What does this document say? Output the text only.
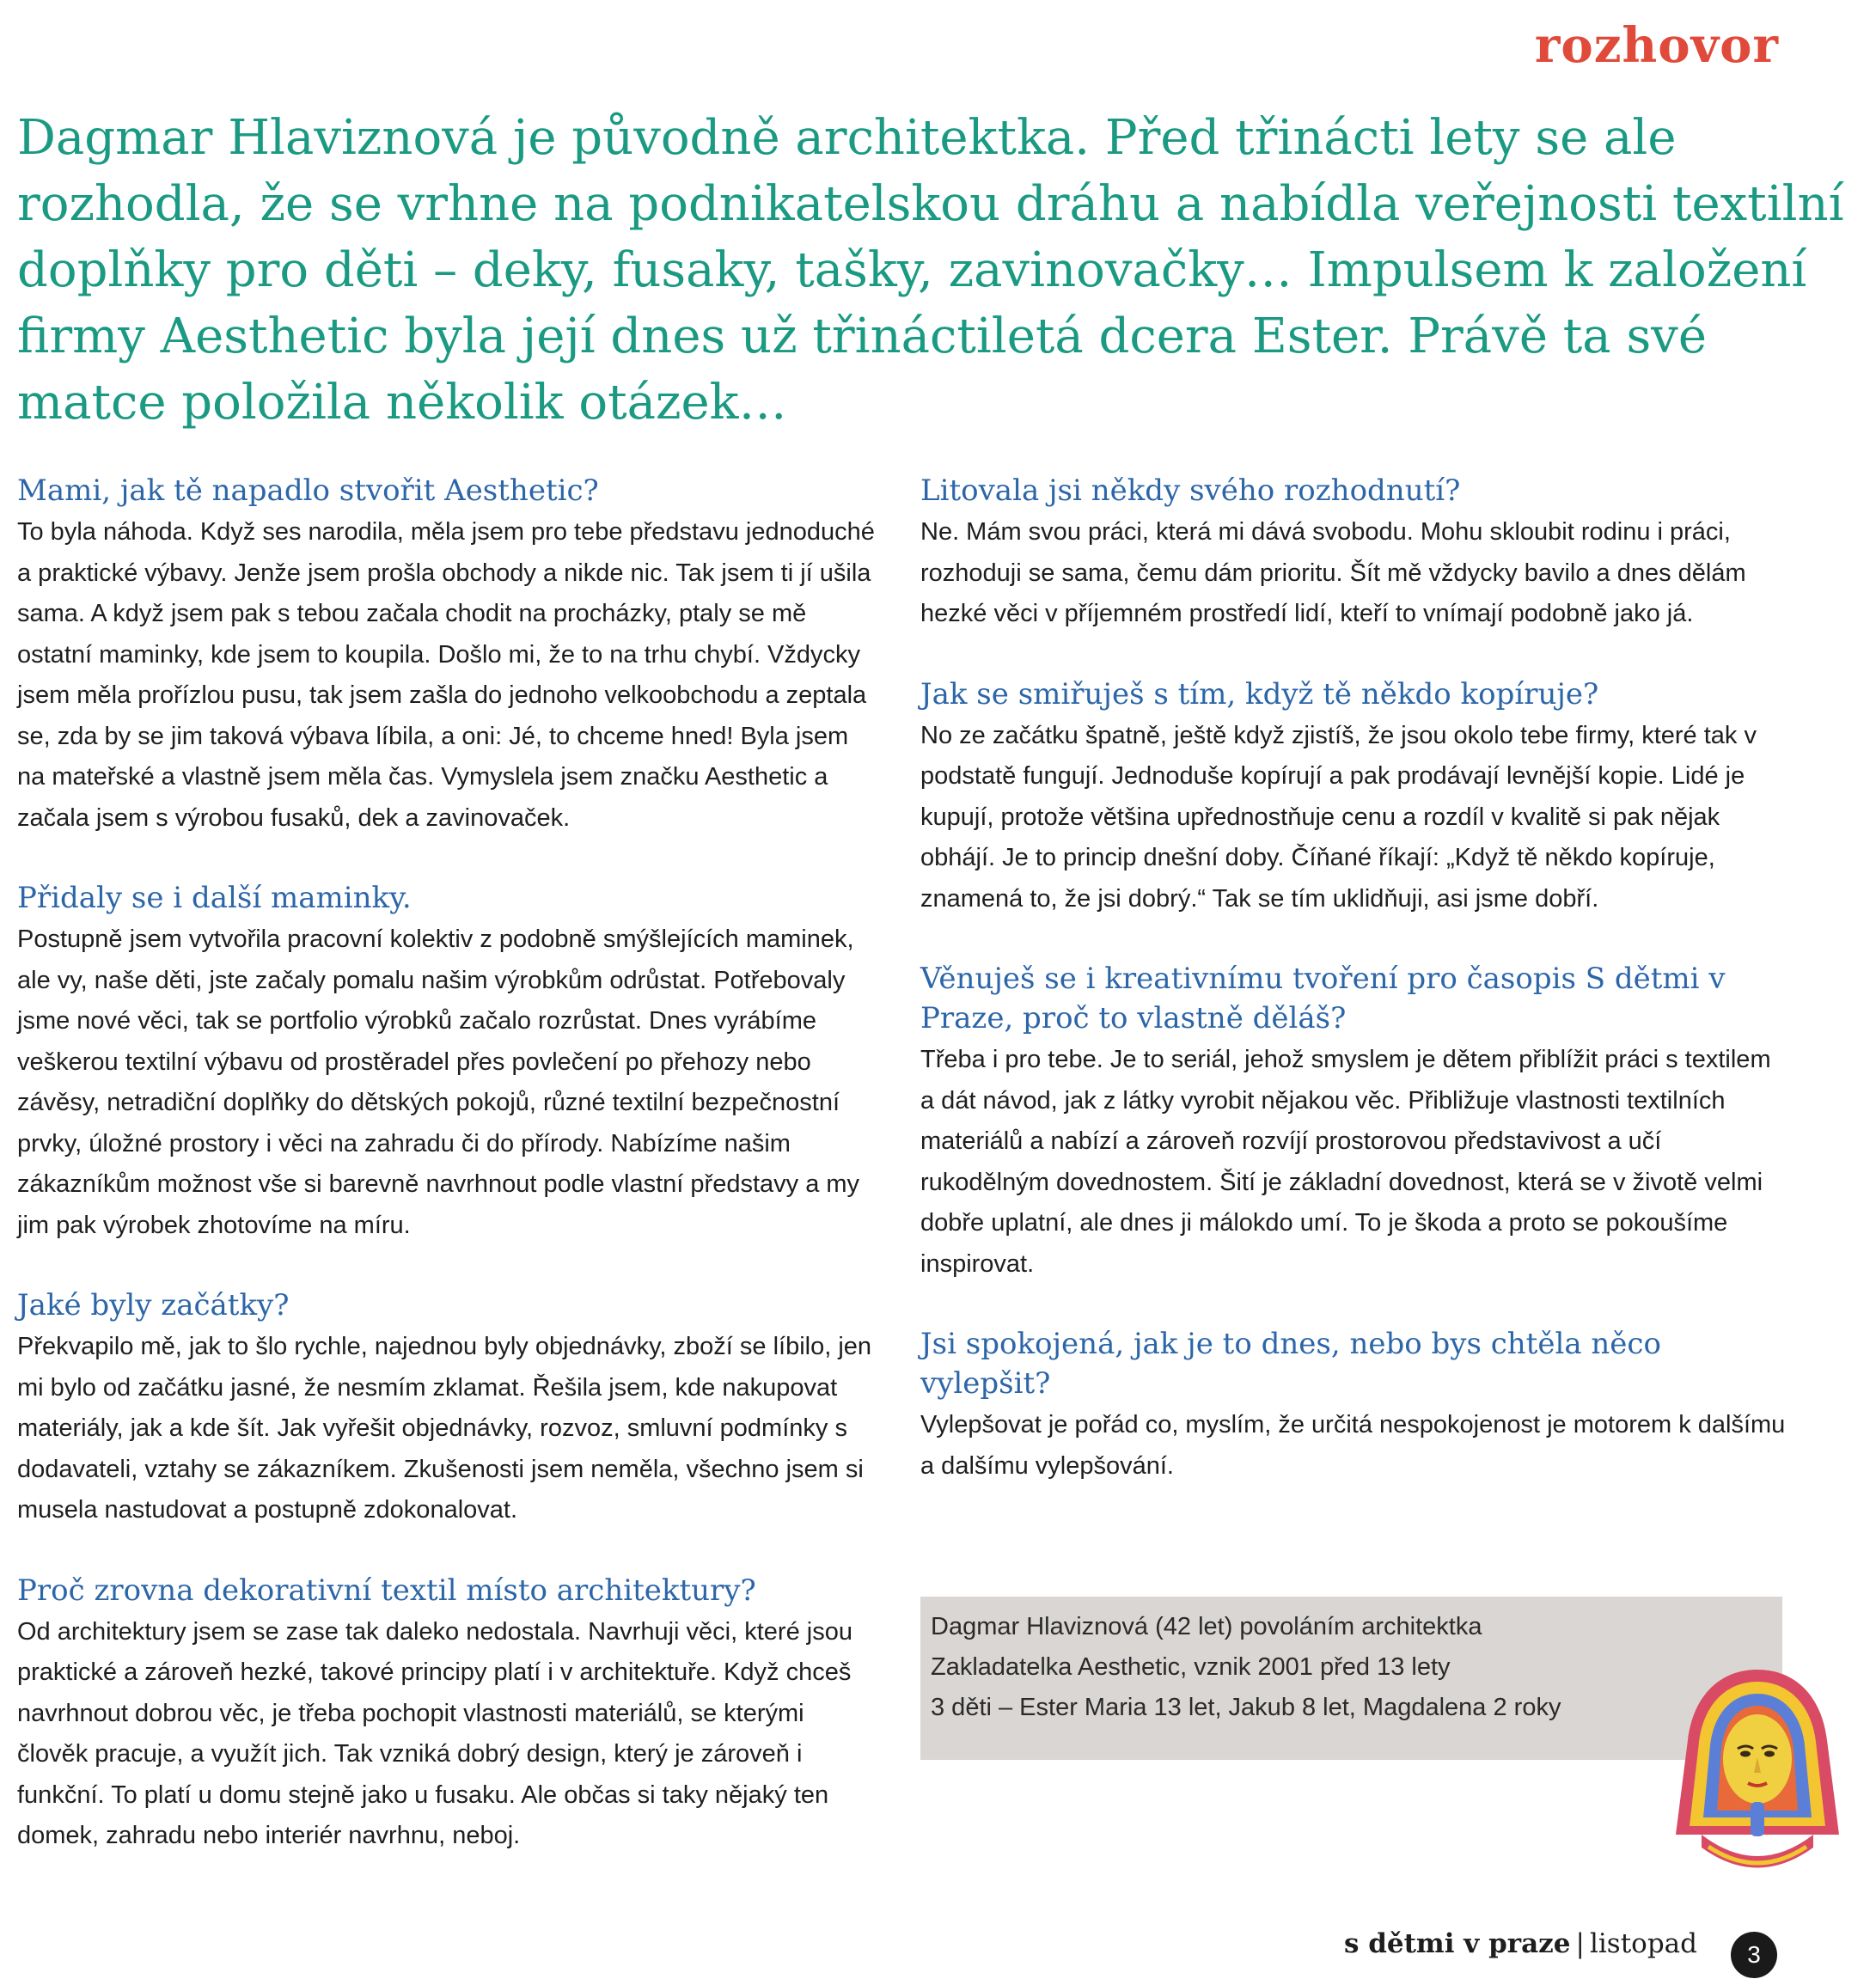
rozhovor

Dagmar Hlaviznová je původně architektka. Před třinácti lety se ale rozhodla, že se vrhne na podnikatelskou dráhu a nabídla veřejnosti textilní doplňky pro děti – deky, fusaky, tašky, zavinovačky… Impulsem k založení firmy Aesthetic byla její dnes už třináctiletá dcera Ester. Právě ta své matce položila několik otázek…

Mami, jak tě napadlo stvořit Aesthetic?

To byla náhoda. Když ses narodila, měla jsem pro tebe představu jednoduché a praktické výbavy. Jenže jsem prošla obchody a nikde nic. Tak jsem ti jí ušila sama. A když jsem pak s tebou začala chodit na procházky, ptaly se mě ostatní maminky, kde jsem to koupila. Došlo mi, že to na trhu chybí. Vždycky jsem měla prořízlou pusu, tak jsem zašla do jednoho velkoobchodu a zeptala se, zda by se jim taková výbava líbila, a oni: Jé, to chceme hned! Byla jsem na mateřské a vlastně jsem měla čas. Vymyslela jsem značku Aesthetic a začala jsem s výrobou fusaků, dek a zavinovaček.

Přidaly se i další maminky.

Postupně jsem vytvořila pracovní kolektiv z podobně smýšlejících maminek, ale vy, naše děti, jste začaly pomalu našim výrobkům odrůstat. Potřebovaly jsme nové věci, tak se portfolio výrobků začalo rozrůstat. Dnes vyrábíme veškerou textilní výbavu od prostěradel přes povlečení po přehozy nebo závěsy, netradiční doplňky do dětských pokojů, různé textilní bezpečnostní prvky, úložné prostory i věci na zahradu či do přírody. Nabízíme našim zákazníkům možnost vše si barevně navrhnout podle vlastní představy a my jim pak výrobek zhotovíme na míru.

Jaké byly začátky?

Překvapilo mě, jak to šlo rychle, najednou byly objednávky, zboží se líbilo, jen mi bylo od začátku jasné, že nesmím zklamat. Řešila jsem, kde nakupovat materiály, jak a kde šít. Jak vyřešit objednávky, rozvoz, smluvní podmínky s dodavateli, vztahy se zákazníkem. Zkušenosti jsem neměla, všechno jsem si musela nastudovat a postupně zdokonalovat.

Proč zrovna dekorativní textil místo architektury?

Od architektury jsem se zase tak daleko nedostala. Navrhuji věci, které jsou praktické a zároveň hezké, takové principy platí i v architektuře. Když chceš navrhnout dobrou věc, je třeba pochopit vlastnosti materiálů, se kterými člověk pracuje, a využít jich. Tak vzniká dobrý design, který je zároveň i funkční. To platí u domu stejně jako u fusaku. Ale občas si taky nějaký ten domek, zahradu nebo interiér navrhnu, neboj.

Litovala jsi někdy svého rozhodnutí?

Ne. Mám svou práci, která mi dává svobodu. Mohu skloubit rodinu i práci, rozhoduji se sama, čemu dám prioritu. Šít mě vždycky bavilo a dnes dělám hezké věci v příjemném prostředí lidí, kteří to vnímají podobně jako já.

Jak se smiřuješ s tím, když tě někdo kopíruje?

No ze začátku špatně, ještě když zjistíš, že jsou okolo tebe firmy, které tak v podstatě fungují. Jednoduše kopírují a pak prodávají levnější kopie. Lidé je kupují, protože většina upřednostňuje cenu a rozdíl v kvalitě si pak nějak obhájí. Je to princip dnešní doby. Číňané říkají: „Když tě někdo kopíruje, znamená to, že jsi dobrý.“ Tak se tím uklidňuji, asi jsme dobří.

Věnuješ se i kreativnímu tvoření pro časopis S dětmi v Praze, proč to vlastně děláš?

Třeba i pro tebe. Je to seriál, jehož smyslem je dětem přiblížit práci s textilem a dát návod, jak z látky vyrobit nějakou věc. Přibližuje vlastnosti textilních materiálů a nabízí a zároveň rozvíjí prostorovou představivost a učí rukodělným dovednostem. Šití je základní dovednost, která se v životě velmi dobře uplatní, ale dnes ji málokdo umí. To je škoda a proto se pokoušíme inspirovat.

Jsi spokojená, jak je to dnes, nebo bys chtěla něco vylepšit?

Vylepšovat je pořád co, myslím, že určitá nespokojenost je motorem k dalšímu a dalšímu vylepšování.

Dagmar Hlaviznová (42 let) povoláním architektka

Zakladatelka Aesthetic, vznik 2001 před 13 lety

3 děti – Ester Maria 13 let, Jakub 8 let, Magdalena 2 roky

s dětmi v praze | listopad	3
